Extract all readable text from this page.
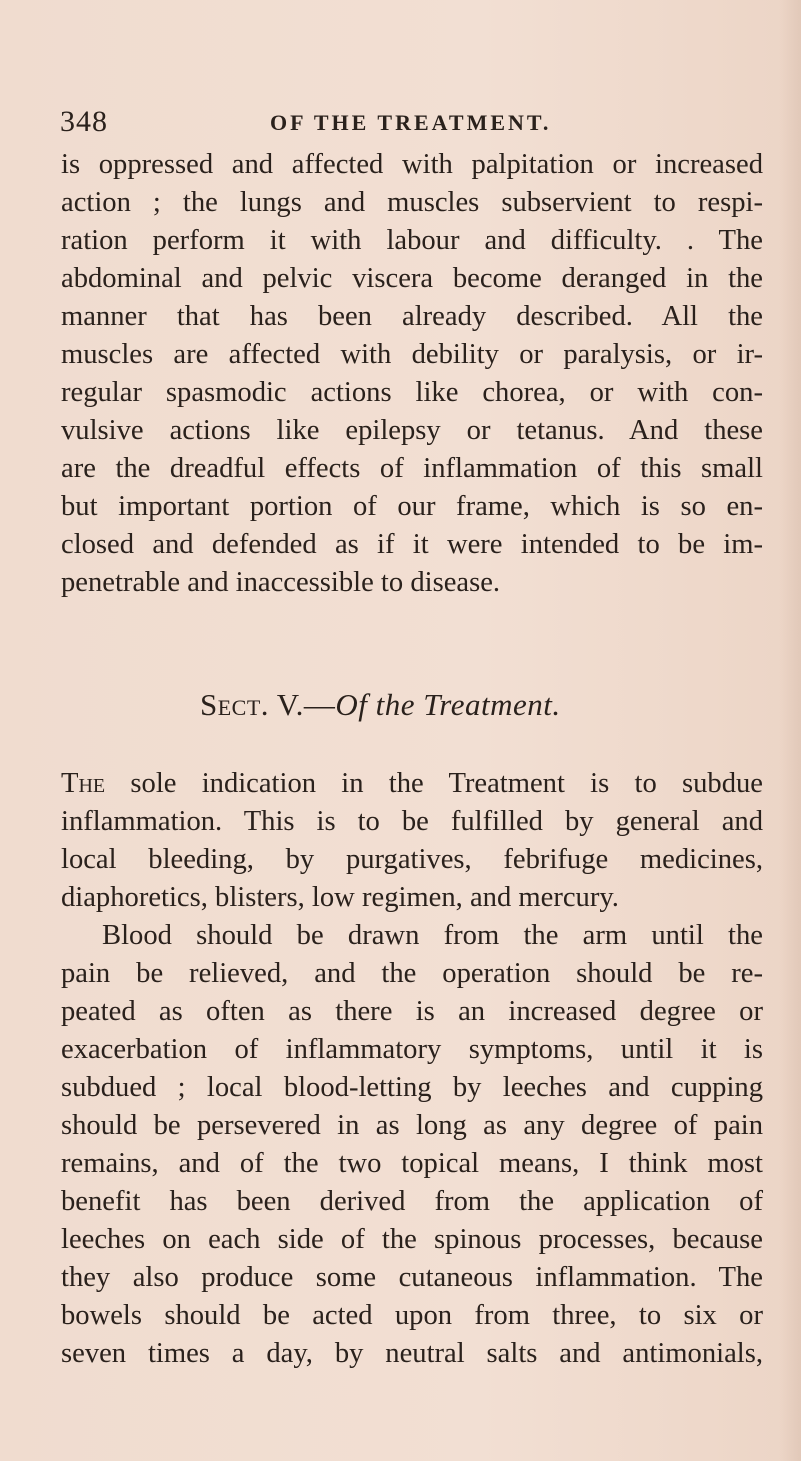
348	OF THE TREATMENT.
is oppressed and affected with palpitation or increased
action ; the lungs and muscles subservient to respi-
ration perform it with labour and difficulty. . The
abdominal and pelvic viscera become deranged in the
manner that has been already described. All the
muscles are affected with debility or paralysis, or ir-
regular spasmodic actions like chorea, or with con-
vulsive actions like epilepsy or tetanus. And these
are the dreadful effects of inflammation of this small
but important portion of our frame, which is so en-
closed and defended as if it were intended to be im-
penetrable and inaccessible to disease.
Sect. V.—Of the Treatment.
The sole indication in the Treatment is to subdue
inflammation. This is to be fulfilled by general and
local bleeding, by purgatives, febrifuge medicines,
diaphoretics, blisters, low regimen, and mercury.
Blood should be drawn from the arm until the
pain be relieved, and the operation should be re-
peated as often as there is an increased degree or
exacerbation of inflammatory symptoms, until it is
subdued ; local blood-letting by leeches and cupping
should be persevered in as long as any degree of pain
remains, and of the two topical means, I think most
benefit has been derived from the application of
leeches on each side of the spinous processes, because
they also produce some cutaneous inflammation. The
bowels should be acted upon from three, to six or
seven times a day, by neutral salts and antimonials,
